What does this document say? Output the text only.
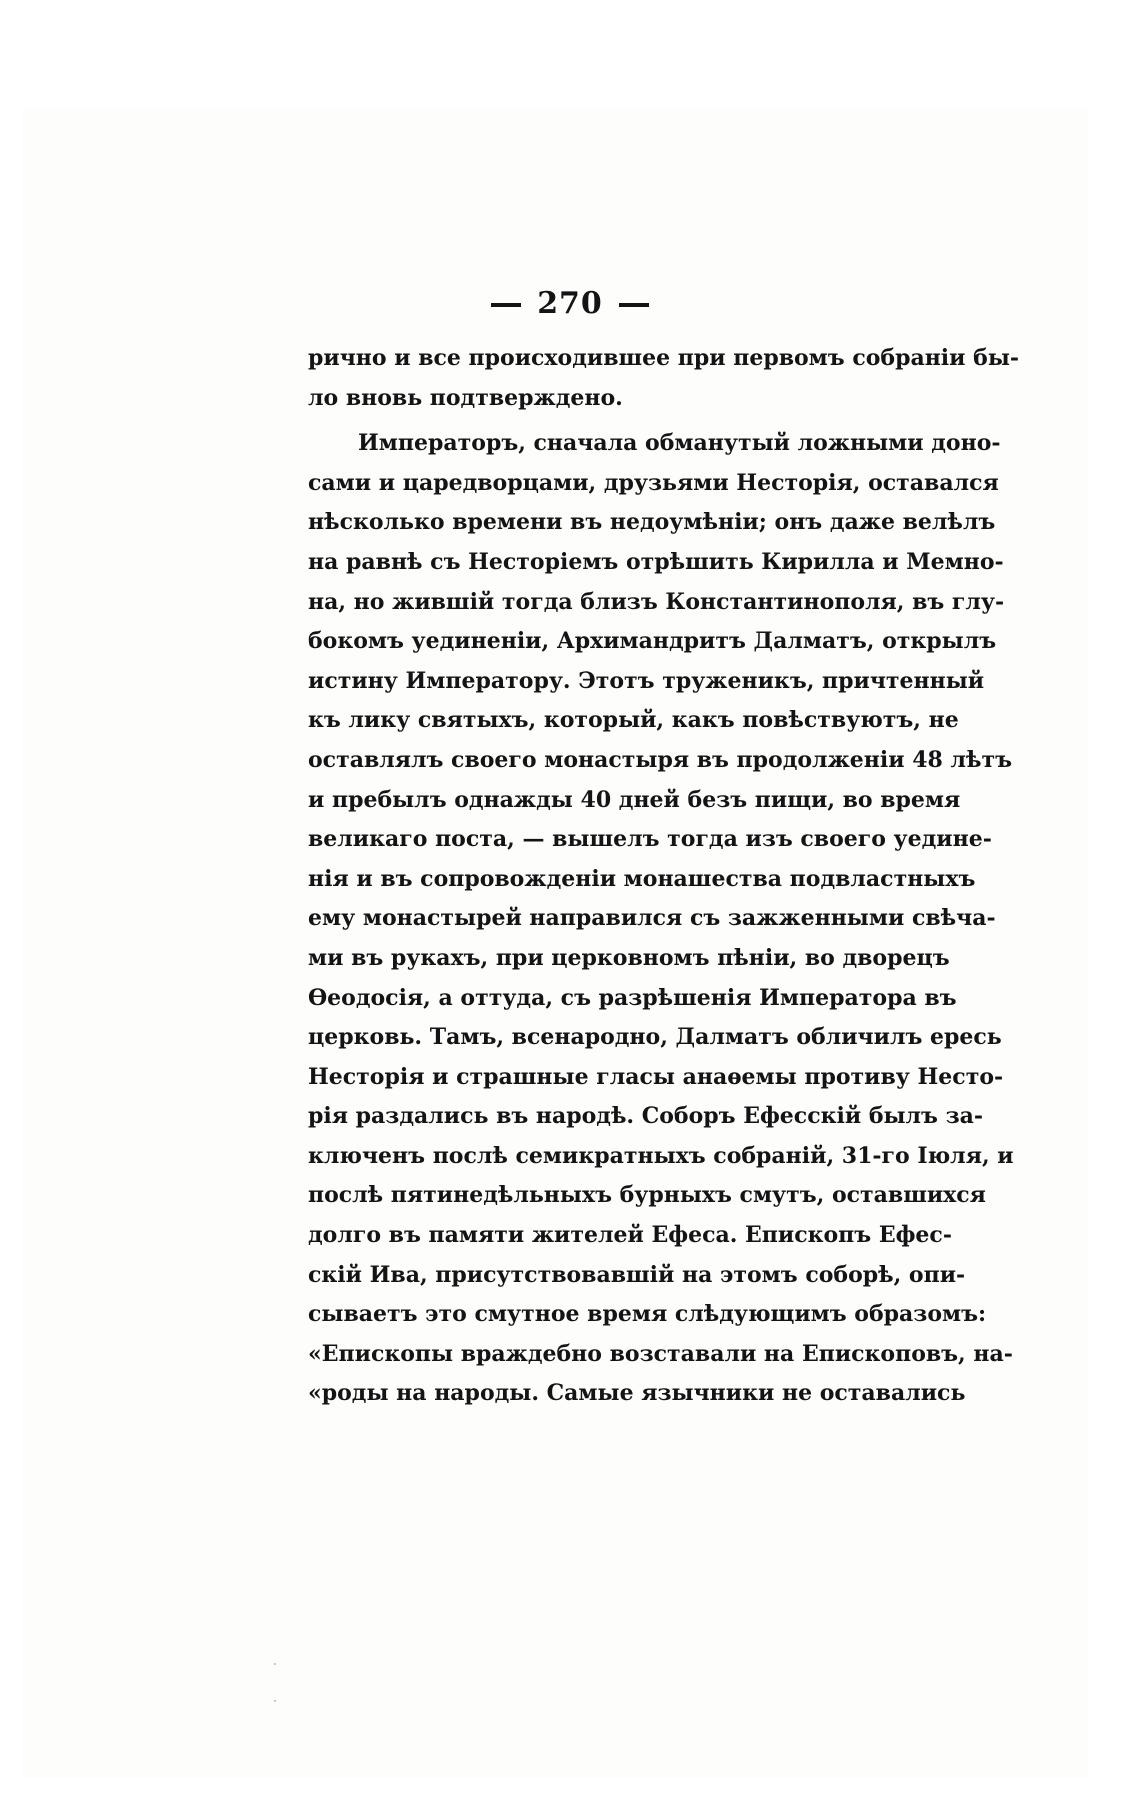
270
рично и все происходившее при первомъ собранiи бы-
ло вновь подтверждено.
Императоръ, сначала обманутый ложными доно-
сами и царедворцами, друзьями Несторiя, оставался
нѣсколько времени въ недоумѣнiи; онъ даже велѣлъ
на равнѣ съ Несторiемъ отрѣшить Кирилла и Мемно-
на, но жившiй тогда близъ Константинополя, въ глу-
бокомъ уединенiи, Архимандритъ Далматъ, открылъ
истину Императору. Этотъ труженикъ, причтенный
къ лику святыхъ, который, какъ повѣствуютъ, не
оставлялъ своего монастыря въ продолженiи 48 лѣтъ
и пребылъ однажды 40 дней безъ пищи, во время
великаго поста, — вышелъ тогда изъ своего уедине-
нiя и въ сопровожденiи монашества подвластныхъ
ему монастырей направился съ зажженными свѣча-
ми въ рукахъ, при церковномъ пѣнiи, во дворецъ
Ѳеодосiя, а оттуда, съ разрѣшенiя Императора въ
церковь. Тамъ, всенародно, Далматъ обличилъ ересь
Несторiя и страшные гласы анаѳемы противу Несто-
рiя раздались въ народѣ. Соборъ Ефесскiй былъ за-
ключенъ послѣ семикратныхъ собранiй, 31-го Iюля, и
послѣ пятинедѣльныхъ бурныхъ смутъ, оставшихся
долго въ памяти жителей Ефеса. Епископъ Ефес-
скiй Ива, присутствовавшiй на этомъ соборѣ, опи-
сываетъ это смутное время слѣдующимъ образомъ:
«Епископы враждебно возставали на Епископовъ, на-
«роды на народы. Самые язычники не оставались
